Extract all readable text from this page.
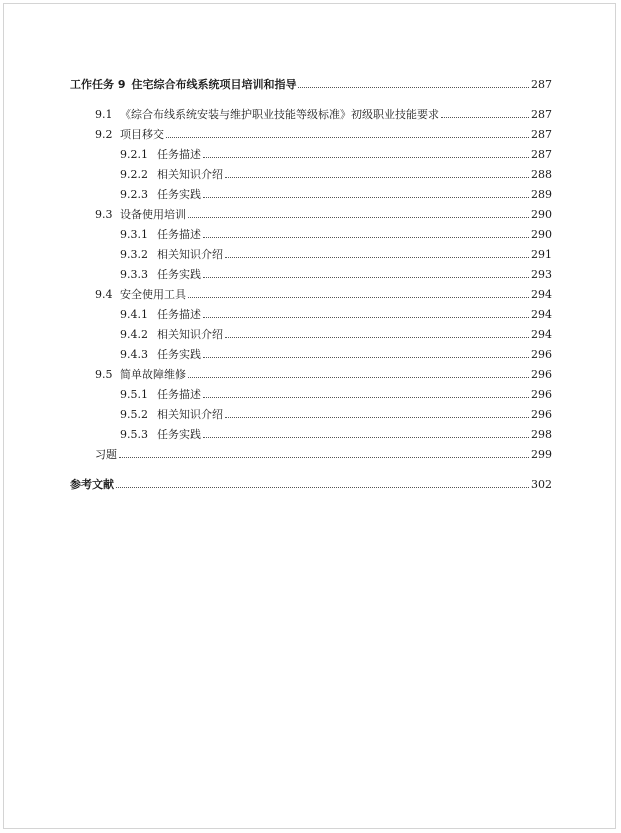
工作任务 9 住宅综合布线系统项目培训和指导	287
9.1 《综合布线系统安装与维护职业技能等级标准》初级职业技能要求	287
9.2 项目移交	287
9.2.1 任务描述	287
9.2.2 相关知识介绍	288
9.2.3 任务实践	289
9.3 设备使用培训	290
9.3.1 任务描述	290
9.3.2 相关知识介绍	291
9.3.3 任务实践	293
9.4 安全使用工具	294
9.4.1 任务描述	294
9.4.2 相关知识介绍	294
9.4.3 任务实践	296
9.5 简单故障维修	296
9.5.1 任务描述	296
9.5.2 相关知识介绍	296
9.5.3 任务实践	298
习题	299
参考文献	302
